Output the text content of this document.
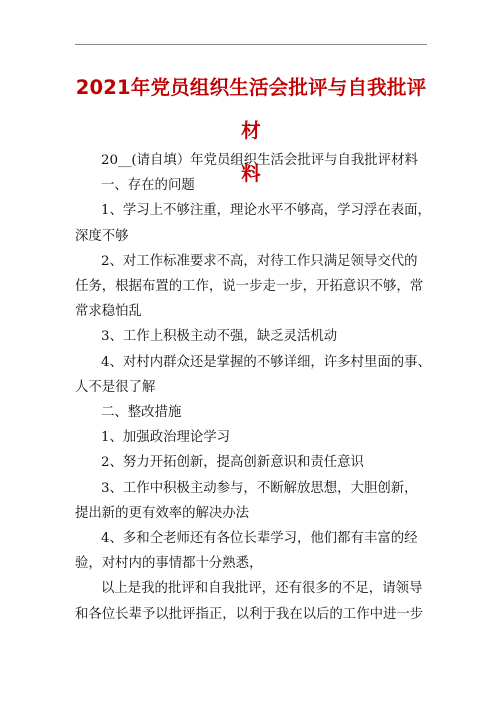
2021年党员组织生活会批评与自我批评材
料
20__(请自填）年党员组织生活会批评与自我批评材料
一、存在的问题
1、学习上不够注重，理论水平不够高，学习浮在表面，
深度不够
2、对工作标准要求不高，对待工作只满足领导交代的
任务，根据布置的工作，说一步走一步，开拓意识不够，常
常求稳怕乱
3、工作上积极主动不强，缺乏灵活机动
4、对村内群众还是掌握的不够详细，许多村里面的事、
人不是很了解
二、整改措施
1、加强政治理论学习
2、努力开拓创新，提高创新意识和责任意识
3、工作中积极主动参与，不断解放思想，大胆创新，
提出新的更有效率的解决办法
4、多和仝老师还有各位长辈学习，他们都有丰富的经
验，对村内的事情都十分熟悉，
以上是我的批评和自我批评，还有很多的不足，请领导
和各位长辈予以批评指正，以利于我在以后的工作中进一步
